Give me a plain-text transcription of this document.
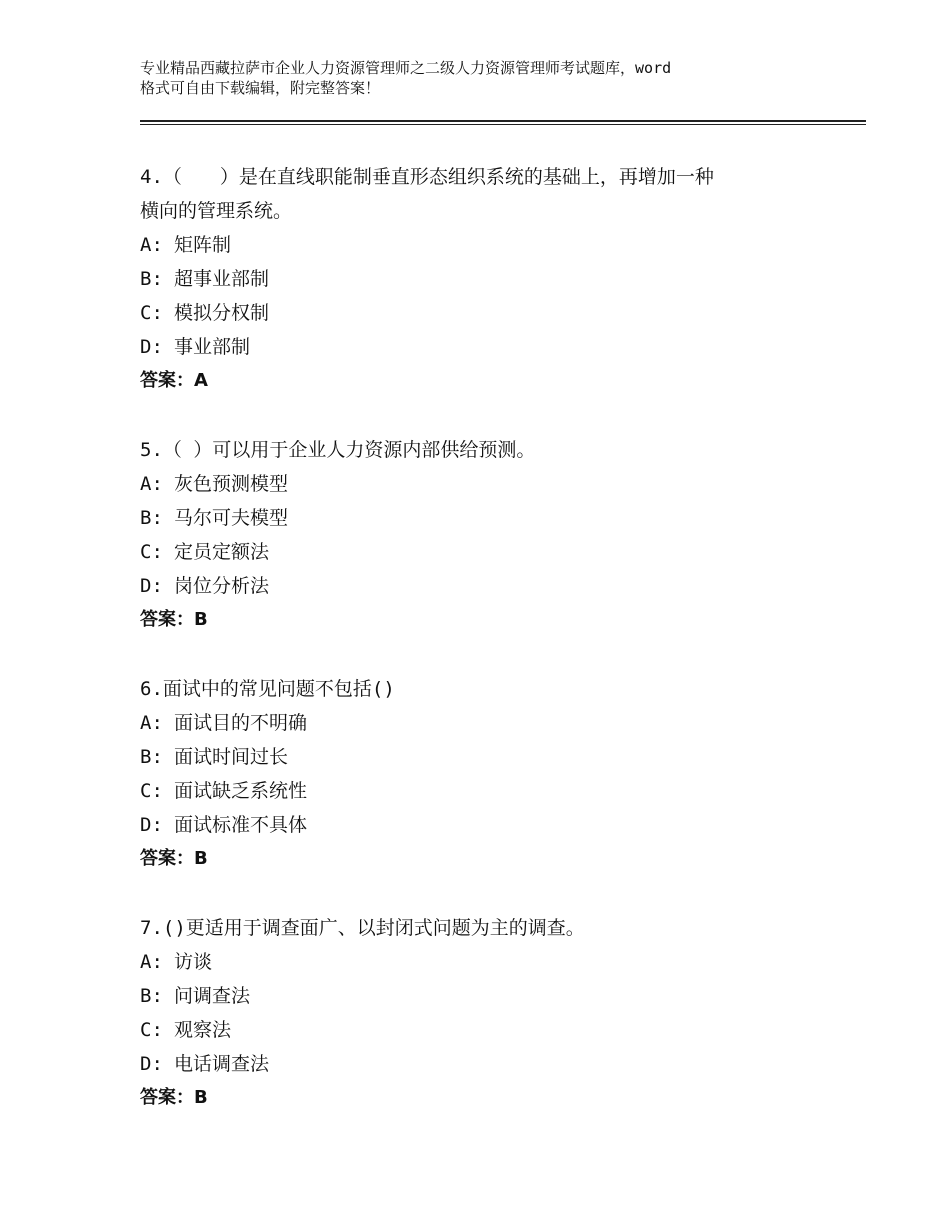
专业精品西藏拉萨市企业人力资源管理师之二级人力资源管理师考试题库，word
格式可自由下载编辑，附完整答案！
4.（　　）是在直线职能制垂直形态组织系统的基础上，再增加一种
横向的管理系统。
A: 矩阵制
B: 超事业部制
C: 模拟分权制
D: 事业部制
答案：A
5.（ ）可以用于企业人力资源内部供给预测。
A: 灰色预测模型
B: 马尔可夫模型
C: 定员定额法
D: 岗位分析法
答案：B
6.面试中的常见问题不包括()
A: 面试目的不明确
B: 面试时间过长
C: 面试缺乏系统性
D: 面试标准不具体
答案：B
7.()更适用于调查面广、以封闭式问题为主的调查。
A: 访谈
B: 问调查法
C: 观察法
D: 电话调查法
答案：B
